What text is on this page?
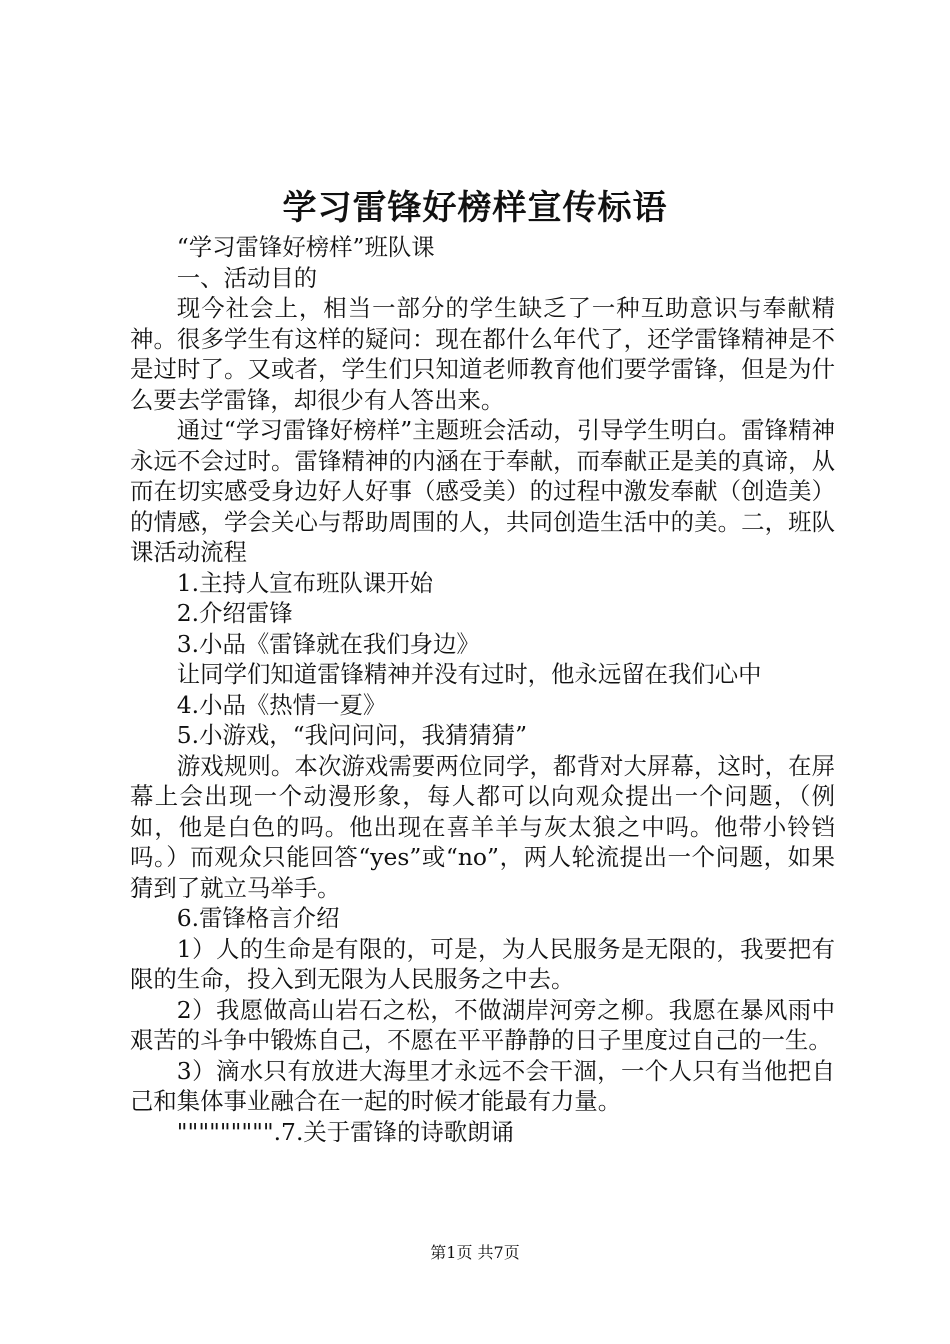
学习雷锋好榜样宣传标语

“学习雷锋好榜样”班队课

一、活动目的

现今社会上，相当一部分的学生缺乏了一种互助意识与奉献精神。很多学生有这样的疑问：现在都什么年代了，还学雷锋精神是不是过时了。又或者，学生们只知道老师教育他们要学雷锋，但是为什么要去学雷锋，却很少有人答出来。

通过“学习雷锋好榜样”主题班会活动，引导学生明白。雷锋精神永远不会过时。雷锋精神的内涵在于奉献，而奉献正是美的真谛，从而在切实感受身边好人好事（感受美）的过程中激发奉献（创造美）的情感，学会关心与帮助周围的人，共同创造生活中的美。二，班队课活动流程

1.主持人宣布班队课开始

2.介绍雷锋

3.小品《雷锋就在我们身边》

让同学们知道雷锋精神并没有过时，他永远留在我们心中

4.小品《热情一夏》

5.小游戏，“我问问问，我猜猜猜”

游戏规则。本次游戏需要两位同学，都背对大屏幕，这时，在屏幕上会出现一个动漫形象，每人都可以向观众提出一个问题，（例如，他是白色的吗。他出现在喜羊羊与灰太狼之中吗。他带小铃铛吗。）而观众只能回答“yes”或“no”，两人轮流提出一个问题，如果猜到了就立马举手。

6.雷锋格言介绍

1）人的生命是有限的，可是，为人民服务是无限的，我要把有限的生命，投入到无限为人民服务之中去。

2）我愿做高山岩石之松，不做湖岸河旁之柳。我愿在暴风雨中艰苦的斗争中锻炼自己，不愿在平平静静的日子里度过自己的一生。

3）滴水只有放进大海里才永远不会干涸，一个人只有当他把自己和集体事业融合在一起的时候才能最有力量。

""""""""".7.关于雷锋的诗歌朗诵

第1页 共7页
